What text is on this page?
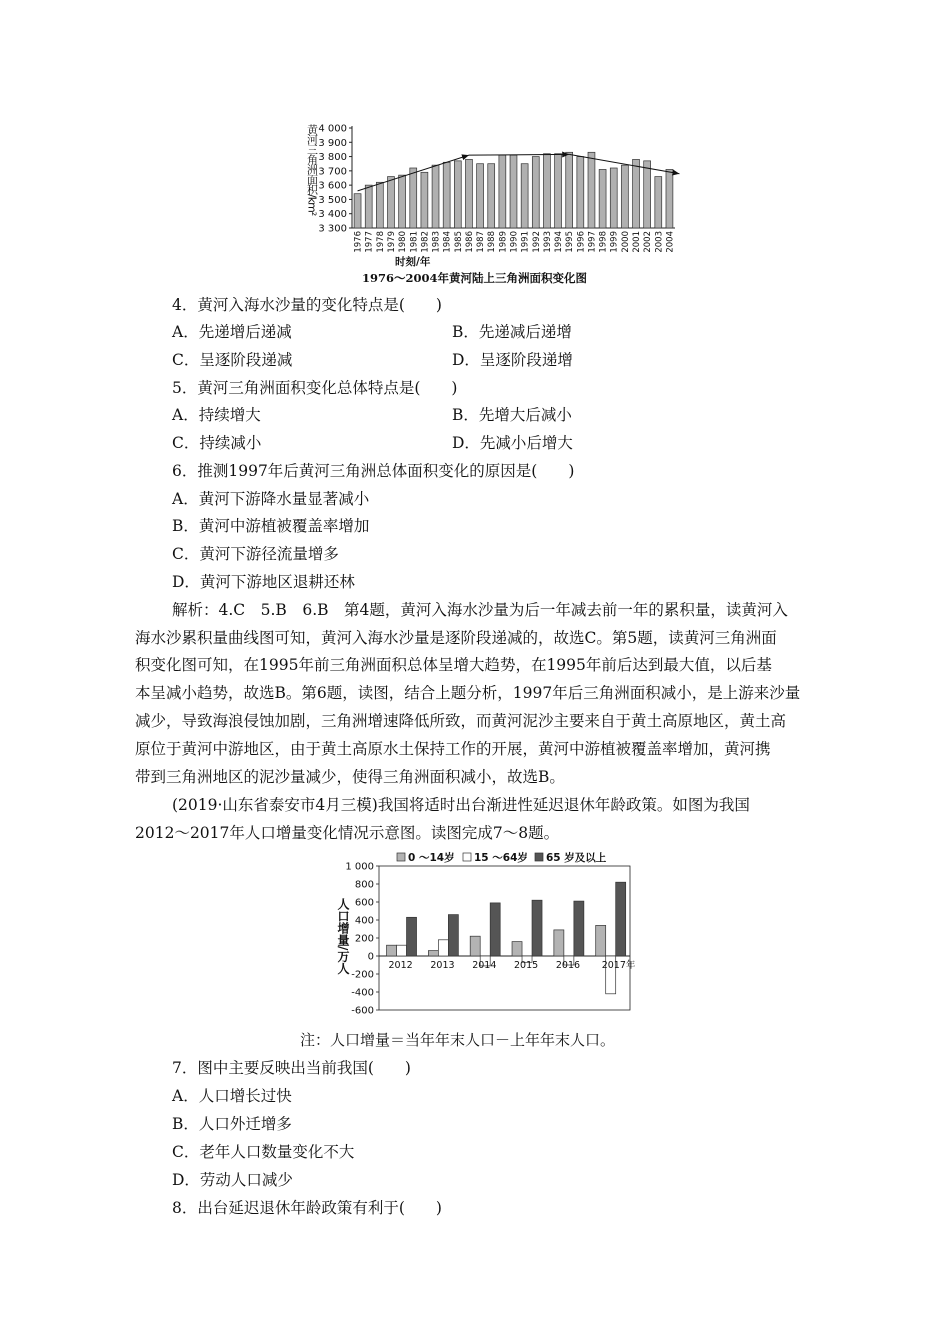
3 300
3 400
3 500
3 600
3 700
3 800
3 900
4 000
1976 1977 1978 1979 1980 1981 1982 1983 1984 1985 1986 1987 1988 1989 1990 1991 1992 1993 1994 1995 1996 1997 1998 1999 2000 2001 2002 2003 2004
黄河三角洲面积/km²
时刻/年
1976～2004年黄河陆上三角洲面积变化图
4．黄河入海水沙量的变化特点是(　　)
A．先递增后递减	B．先递减后递增
C．呈逐阶段递减	D．呈逐阶段递增
5．黄河三角洲面积变化总体特点是(　　)
A．持续增大	B．先增大后减小
C．持续减小	D．先减小后增大
6．推测1997年后黄河三角洲总体面积变化的原因是(　　)
A．黄河下游降水量显著减小
B．黄河中游植被覆盖率增加
C．黄河下游径流量增多
D．黄河下游地区退耕还林
解析：4.C　5.B　6.B　第4题，黄河入海水沙量为后一年减去前一年的累积量，读黄河入
海水沙累积量曲线图可知，黄河入海水沙量是逐阶段递减的，故选C。第5题，读黄河三角洲面
积变化图可知，在1995年前三角洲面积总体呈增大趋势，在1995年前后达到最大值，以后基
本呈减小趋势，故选B。第6题，读图，结合上题分析，1997年后三角洲面积减小，是上游来沙量
减少，导致海浪侵蚀加剧，三角洲增速降低所致，而黄河泥沙主要来自于黄土高原地区，黄土高
原位于黄河中游地区，由于黄土高原水土保持工作的开展，黄河中游植被覆盖率增加，黄河携
带到三角洲地区的泥沙量减少，使得三角洲面积减小，故选B。
(2019·山东省泰安市4月三模)我国将适时出台渐进性延迟退休年龄政策。如图为我国
2012～2017年人口增量变化情况示意图。读图完成7～8题。
0 ～14岁 15 ～64岁 65 岁及以上
1 000
800
600
400
200
0
-200
-400
-600
2012 2013 2014 2015 2016 2017年
人口增量/万人
注：人口增量＝当年年末人口－上年年末人口。
7．图中主要反映出当前我国(　　)
A．人口增长过快
B．人口外迁增多
C．老年人口数量变化不大
D．劳动人口减少
8．出台延迟退休年龄政策有利于(　　)
